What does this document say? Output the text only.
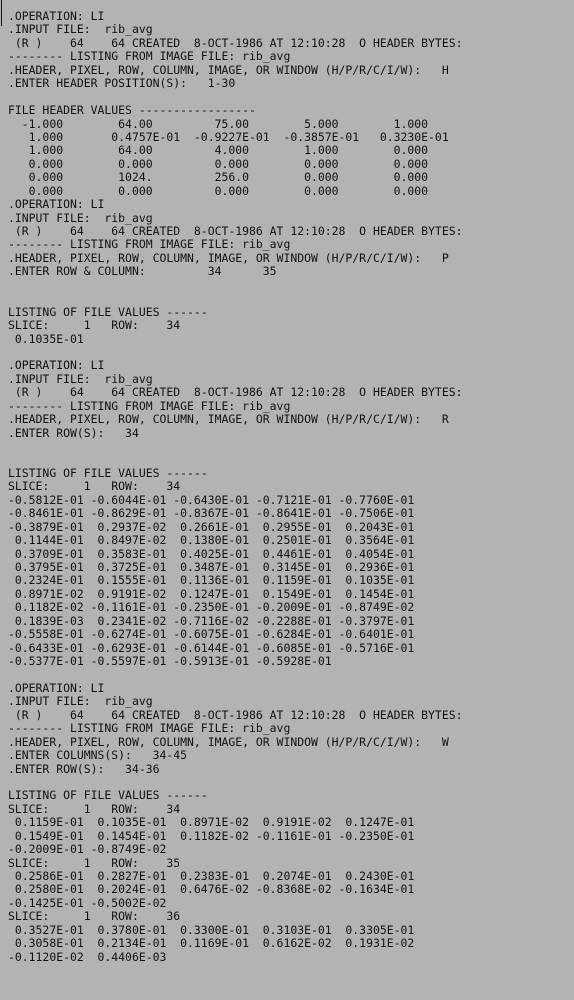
.OPERATION: LI
.INPUT FILE:  rib_avg
(R )    64    64 CREATED  8-OCT-1986 AT 12:10:28  O HEADER BYTES:
-------- LISTING FROM IMAGE FILE: rib_avg
.HEADER, PIXEL, ROW, COLUMN, IMAGE, OR WINDOW (H/P/R/C/I/W):   H
.ENTER HEADER POSITION(S):   1-30
FILE HEADER VALUES -----------------
-1.000        64.00         75.00        5.000        1.000
1.000       0.4757E-01  -0.9227E-01  -0.3857E-01   0.3230E-01
1.000        64.00         4.000        1.000        0.000
0.000        0.000         0.000        0.000        0.000
0.000        1024.         256.0        0.000        0.000
0.000        0.000         0.000        0.000        0.000
.OPERATION: LI
.INPUT FILE:  rib_avg
(R )    64    64 CREATED  8-OCT-1986 AT 12:10:28  O HEADER BYTES:
-------- LISTING FROM IMAGE FILE: rib_avg
.HEADER, PIXEL, ROW, COLUMN, IMAGE, OR WINDOW (H/P/R/C/I/W):   P
.ENTER ROW & COLUMN:         34      35
LISTING OF FILE VALUES ------
SLICE:     1   ROW:    34
0.1035E-01
.OPERATION: LI
.INPUT FILE:  rib_avg
(R )    64    64 CREATED  8-OCT-1986 AT 12:10:28  O HEADER BYTES:
-------- LISTING FROM IMAGE FILE: rib_avg
.HEADER, PIXEL, ROW, COLUMN, IMAGE, OR WINDOW (H/P/R/C/I/W):   R
.ENTER ROW(S):   34
LISTING OF FILE VALUES ------
SLICE:     1   ROW:    34
-0.5812E-01 -0.6044E-01 -0.6430E-01 -0.7121E-01 -0.7760E-01
-0.8461E-01 -0.8629E-01 -0.8367E-01 -0.8641E-01 -0.7506E-01
-0.3879E-01  0.2937E-02  0.2661E-01  0.2955E-01  0.2043E-01
0.1144E-01  0.8497E-02  0.1380E-01  0.2501E-01  0.3564E-01
0.3709E-01  0.3583E-01  0.4025E-01  0.4461E-01  0.4054E-01
0.3795E-01  0.3725E-01  0.3487E-01  0.3145E-01  0.2936E-01
0.2324E-01  0.1555E-01  0.1136E-01  0.1159E-01  0.1035E-01
0.8971E-02  0.9191E-02  0.1247E-01  0.1549E-01  0.1454E-01
0.1182E-02 -0.1161E-01 -0.2350E-01 -0.2009E-01 -0.8749E-02
0.1839E-03  0.2341E-02 -0.7116E-02 -0.2288E-01 -0.3797E-01
-0.5558E-01 -0.6274E-01 -0.6075E-01 -0.6284E-01 -0.6401E-01
-0.6433E-01 -0.6293E-01 -0.6144E-01 -0.6085E-01 -0.5716E-01
-0.5377E-01 -0.5597E-01 -0.5913E-01 -0.5928E-01
.OPERATION: LI
.INPUT FILE:  rib_avg
(R )    64    64 CREATED  8-OCT-1986 AT 12:10:28  O HEADER BYTES:
-------- LISTING FROM IMAGE FILE: rib_avg
.HEADER, PIXEL, ROW, COLUMN, IMAGE, OR WINDOW (H/P/R/C/I/W):   W
.ENTER COLUMNS(S):   34-45
.ENTER ROW(S):   34-36
LISTING OF FILE VALUES ------
SLICE:     1   ROW:    34
0.1159E-01  0.1035E-01  0.8971E-02  0.9191E-02  0.1247E-01
0.1549E-01  0.1454E-01  0.1182E-02 -0.1161E-01 -0.2350E-01
-0.2009E-01 -0.8749E-02
SLICE:     1   ROW:    35
0.2586E-01  0.2827E-01  0.2383E-01  0.2074E-01  0.2430E-01
0.2580E-01  0.2024E-01  0.6476E-02 -0.8368E-02 -0.1634E-01
-0.1425E-01 -0.5002E-02
SLICE:     1   ROW:    36
0.3527E-01  0.3780E-01  0.3300E-01  0.3103E-01  0.3305E-01
0.3058E-01  0.2134E-01  0.1169E-01  0.6162E-02  0.1931E-02
-0.1120E-02  0.4406E-03
